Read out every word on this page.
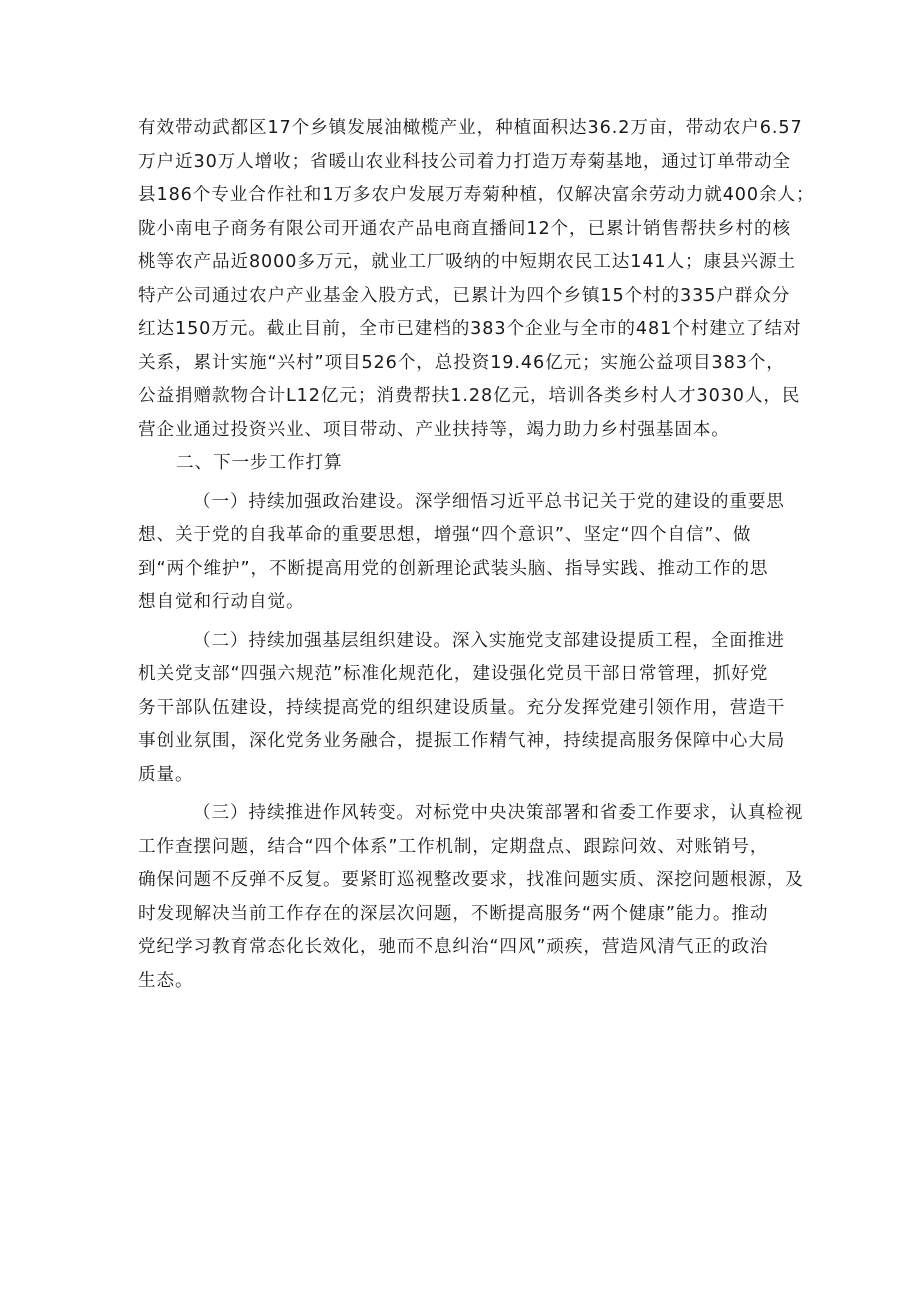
有效带动武都区17个乡镇发展油橄榄产业，种植面积达36.2万亩，带动农户6.57
万户近30万人增收；省暖山农业科技公司着力打造万寿菊基地，通过订单带动全
县186个专业合作社和1万多农户发展万寿菊种植，仅解决富余劳动力就400余人；
陇小南电子商务有限公司开通农产品电商直播间12个，已累计销售帮扶乡村的核
桃等农产品近8000多万元，就业工厂吸纳的中短期农民工达141人；康县兴源土
特产公司通过农户产业基金入股方式，已累计为四个乡镇15个村的335户群众分
红达150万元。截止目前，全市已建档的383个企业与全市的481个村建立了结对
关系，累计实施“兴村”项目526个，总投资19.46亿元；实施公益项目383个，
公益捐赠款物合计L12亿元；消费帮扶1.28亿元，培训各类乡村人才3030人，民
营企业通过投资兴业、项目带动、产业扶持等，竭力助力乡村强基固本。
二、下一步工作打算
（一）持续加强政治建设。深学细悟习近平总书记关于党的建设的重要思
想、关于党的自我革命的重要思想，增强“四个意识”、坚定“四个自信”、做
到“两个维护”，不断提高用党的创新理论武装头脑、指导实践、推动工作的思
想自觉和行动自觉。
（二）持续加强基层组织建设。深入实施党支部建设提质工程，全面推进
机关党支部“四强六规范”标准化规范化，建设强化党员干部日常管理，抓好党
务干部队伍建设，持续提高党的组织建设质量。充分发挥党建引领作用，营造干
事创业氛围，深化党务业务融合，提振工作精气神，持续提高服务保障中心大局
质量。
（三）持续推进作风转变。对标党中央决策部署和省委工作要求，认真检视
工作查摆问题，结合“四个体系”工作机制，定期盘点、跟踪问效、对账销号，
确保问题不反弹不反复。要紧盯巡视整改要求，找准问题实质、深挖问题根源，及
时发现解决当前工作存在的深层次问题，不断提高服务“两个健康”能力。推动
党纪学习教育常态化长效化，驰而不息纠治“四风”顽疾，营造风清气正的政治
生态。
